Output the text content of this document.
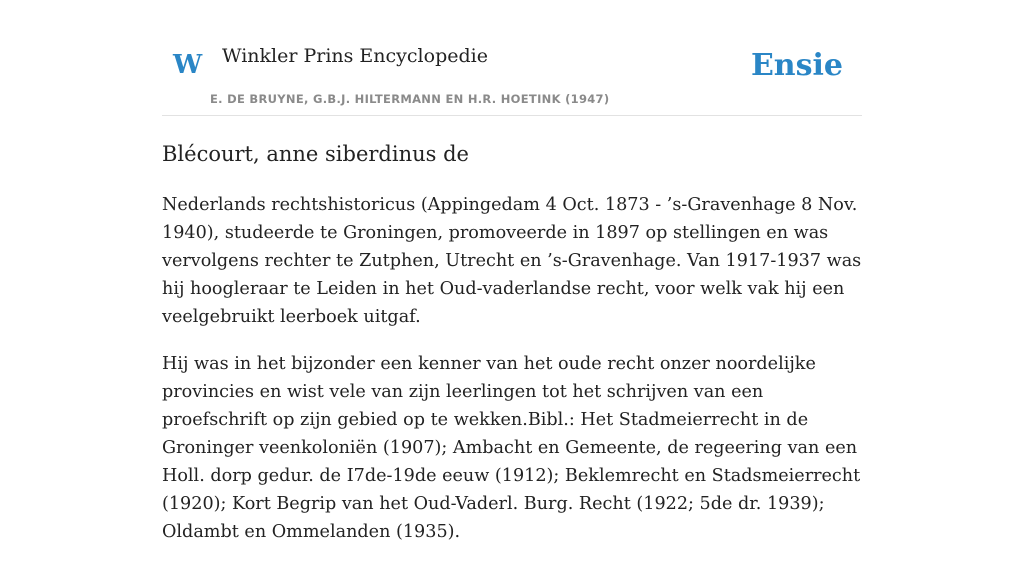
W Winkler Prins Encyclopedie
E. DE BRUYNE, G.B.J. HILTERMANN EN H.R. HOETINK (1947)
Ensie
Blécourt, anne siberdinus de

Nederlands rechtshistoricus (Appingedam 4 Oct. 1873 - ’s-Gravenhage 8 Nov. 1940), studeerde te Groningen, promoveerde in 1897 op stellingen en was vervolgens rechter te Zutphen, Utrecht en ’s-Gravenhage. Van 1917-1937 was hij hoogleraar te Leiden in het Oud-vaderlandse recht, voor welk vak hij een veelgebruikt leerboek uitgaf.

Hij was in het bijzonder een kenner van het oude recht onzer noordelijke provincies en wist vele van zijn leerlingen tot het schrijven van een proefschrift op zijn gebied op te wekken.Bibl.: Het Stadmeierrecht in de Groninger veenkoloniën (1907); Ambacht en Gemeente, de regeering van een Holl. dorp gedur. de I7de-19de eeuw (1912); Beklemrecht en Stadsmeierrecht (1920); Kort Begrip van het Oud-Vaderl. Burg. Recht (1922; 5de dr. 1939); Oldambt en Ommelanden (1935).
